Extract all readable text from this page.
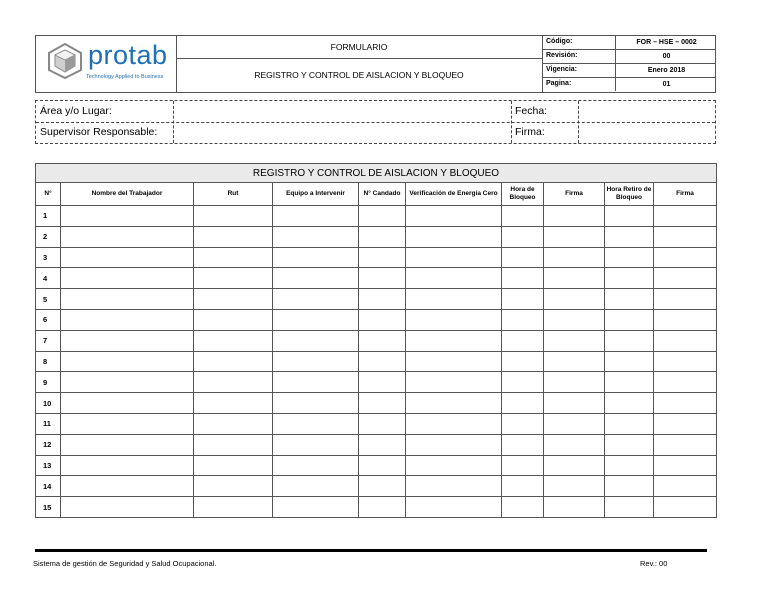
protab
Technology Applied to Business
FORMULARIO
REGISTRO Y CONTROL DE AISLACION Y BLOQUEO
Código:	FOR – HSE – 0002
Revisión:	00
Vigencia:	Enero 2018
Pagina:	01
Área y/o Lugar:	Fecha:
Supervisor Responsable:	Firma:
REGISTRO Y CONTROL DE AISLACION Y BLOQUEO									
N°	Nombre del Trabajador	Rut	Equipo a Intervenir	N° Candado	Verificación de Energía Cero	Hora de Bloqueo	Firma	Hora Retiro de Bloqueo	Firma
1									
2									
3									
4									
5									
6									
7									
8									
9									
10									
11									
12									
13									
14									
15									
Sistema de gestión de Seguridad y Salud Ocupacional.	Rev.: 00
